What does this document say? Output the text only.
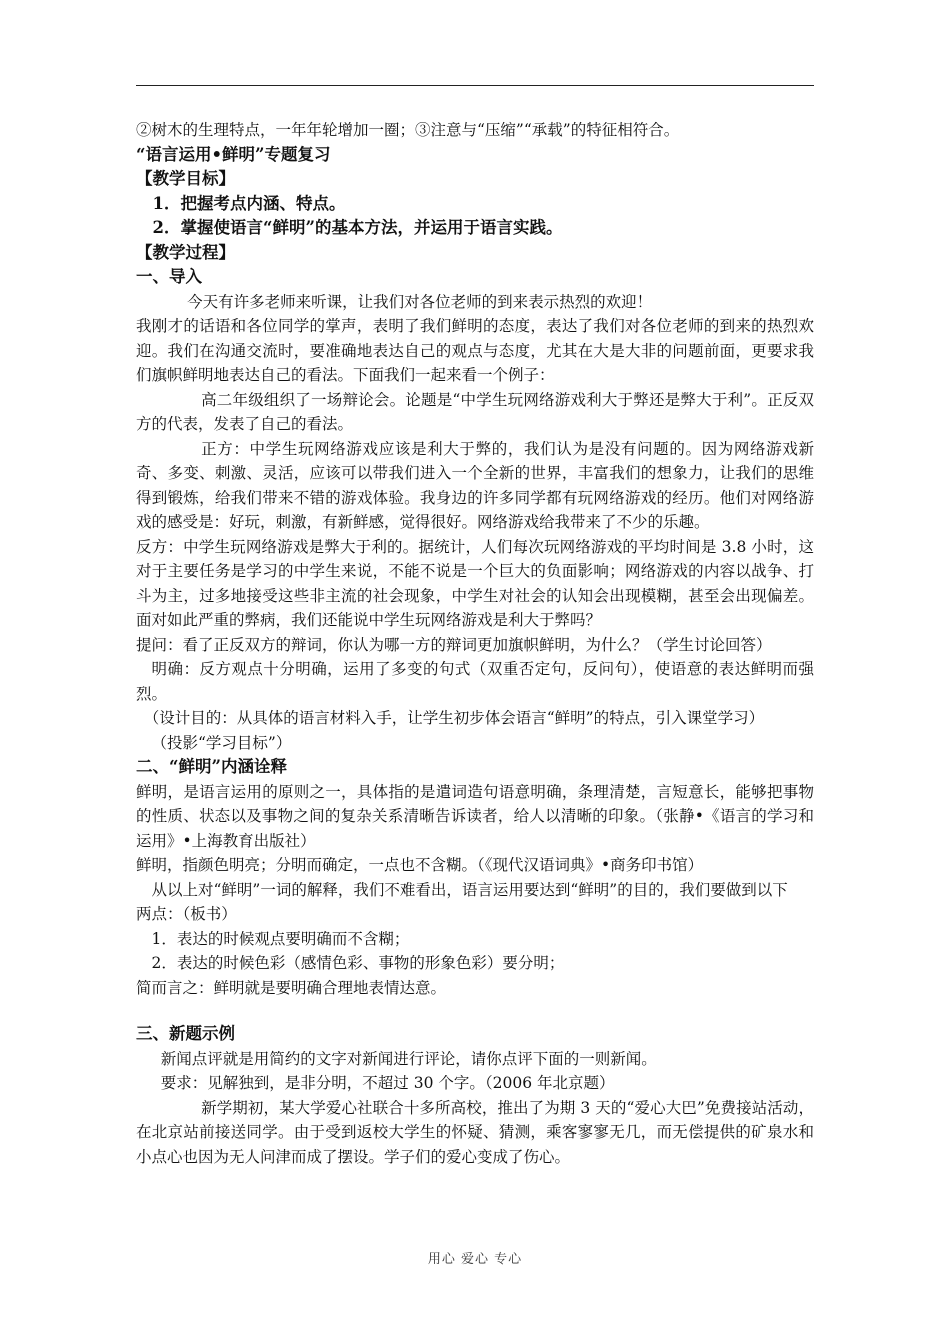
②树木的生理特点，一年年轮增加一圈；③注意与“压缩”“承载”的特征相符合。

“语言运用•鲜明”专题复习

【教学目标】

1．把握考点内涵、特点。

2．掌握使语言“鲜明”的基本方法，并运用于语言实践。

【教学过程】

一、导入

今天有许多老师来听课，让我们对各位老师的到来表示热烈的欢迎！

我刚才的话语和各位同学的掌声，表明了我们鲜明的态度，表达了我们对各位老师的到来的热烈欢迎。我们在沟通交流时，要准确地表达自己的观点与态度，尤其在大是大非的问题前面，更要求我们旗帜鲜明地表达自己的看法。下面我们一起来看一个例子：

高二年级组织了一场辩论会。论题是“中学生玩网络游戏利大于弊还是弊大于利”。正反双方的代表，发表了自己的看法。

正方：中学生玩网络游戏应该是利大于弊的，我们认为是没有问题的。因为网络游戏新奇、多变、刺激、灵活，应该可以带我们进入一个全新的世界，丰富我们的想象力，让我们的思维得到锻炼，给我们带来不错的游戏体验。我身边的许多同学都有玩网络游戏的经历。他们对网络游戏的感受是：好玩，刺激，有新鲜感，觉得很好。网络游戏给我带来了不少的乐趣。

反方：中学生玩网络游戏是弊大于利的。据统计，人们每次玩网络游戏的平均时间是 3.8 小时，这对于主要任务是学习的中学生来说，不能不说是一个巨大的负面影响；网络游戏的内容以战争、打斗为主，过多地接受这些非主流的社会现象，中学生对社会的认知会出现模糊，甚至会出现偏差。面对如此严重的弊病，我们还能说中学生玩网络游戏是利大于弊吗？

提问：看了正反双方的辩词，你认为哪一方的辩词更加旗帜鲜明，为什么？（学生讨论回答）

明确：反方观点十分明确，运用了多变的句式（双重否定句，反问句），使语意的表达鲜明而强烈。

（设计目的：从具体的语言材料入手，让学生初步体会语言“鲜明”的特点，引入课堂学习）

（投影“学习目标”）

二、“鲜明”内涵诠释

鲜明，是语言运用的原则之一，具体指的是遣词造句语意明确，条理清楚，言短意长，能够把事物的性质、状态以及事物之间的复杂关系清晰告诉读者，给人以清晰的印象。（张静•《语言的学习和运用》•上海教育出版社）

鲜明，指颜色明亮；分明而确定，一点也不含糊。（《现代汉语词典》•商务印书馆）

从以上对“鲜明”一词的解释，我们不难看出，语言运用要达到“鲜明”的目的，我们要做到以下

两点：（板书）

1．表达的时候观点要明确而不含糊；

2．表达的时候色彩（感情色彩、事物的形象色彩）要分明；

简而言之：鲜明就是要明确合理地表情达意。

三、新题示例

新闻点评就是用简约的文字对新闻进行评论，请你点评下面的一则新闻。

要求：见解独到，是非分明，不超过 30 个字。（2006 年北京题）

新学期初，某大学爱心社联合十多所高校，推出了为期 3 天的“爱心大巴”免费接站活动，在北京站前接送同学。由于受到返校大学生的怀疑、猜测，乘客寥寥无几，而无偿提供的矿泉水和小点心也因为无人问津而成了摆设。学子们的爱心变成了伤心。

用心 爱心 专心
